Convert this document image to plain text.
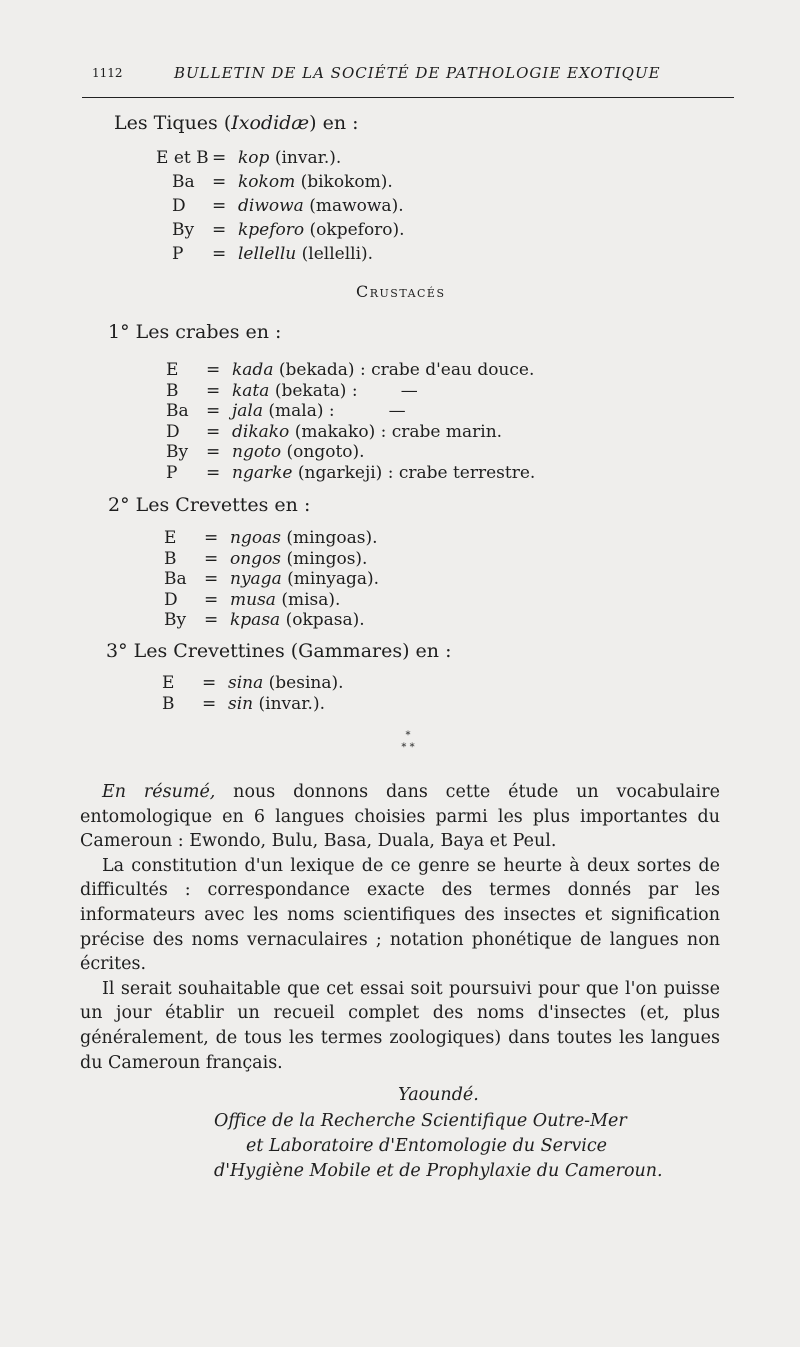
1112	BULLETIN DE LA SOCIÉTÉ DE PATHOLOGIE EXOTIQUE
Les Tiques (Ixodidæ) en :
E et B = kop (invar.).
Ba = kokom (bikokom).
D = diwowa (mawowa).
By = kpeforo (okpeforo).
P = lellellu (lellelli).
Crustacés
1° Les crabes en :
E = kada (bekada) : crabe d'eau douce.
B = kata (bekata) :        —
Ba = jala (mala) :          —
D = dikako (makako) : crabe marin.
By = ngoto (ongoto).
P = ngarke (ngarkeji) : crabe terrestre.
2° Les Crevettes en :
E = ngoas (mingoas).
B = ongos (mingos).
Ba = nyaga (minyaga).
D = musa (misa).
By = kpasa (okpasa).
3° Les Crevettines (Gammares) en :
E = sina (besina).
B = sin (invar.).
*
* *

En résumé, nous donnons dans cette étude un vocabulaire entomologique en 6 langues choisies parmi les plus importantes du Cameroun : Ewondo, Bulu, Basa, Duala, Baya et Peul.

La constitution d'un lexique de ce genre se heurte à deux sortes de difficultés : correspondance exacte des termes donnés par les informateurs avec les noms scientifiques des insectes et signification précise des noms vernaculaires ; notation phonétique de langues non écrites.

Il serait souhaitable que cet essai soit poursuivi pour que l'on puisse un jour établir un recueil complet des noms d'insectes (et, plus généralement, de tous les termes zoologiques) dans toutes les langues du Cameroun français.

Yaoundé.
Office de la Recherche Scientifique Outre-Mer
et Laboratoire d'Entomologie du Service
d'Hygiène Mobile et de Prophylaxie du Cameroun.
